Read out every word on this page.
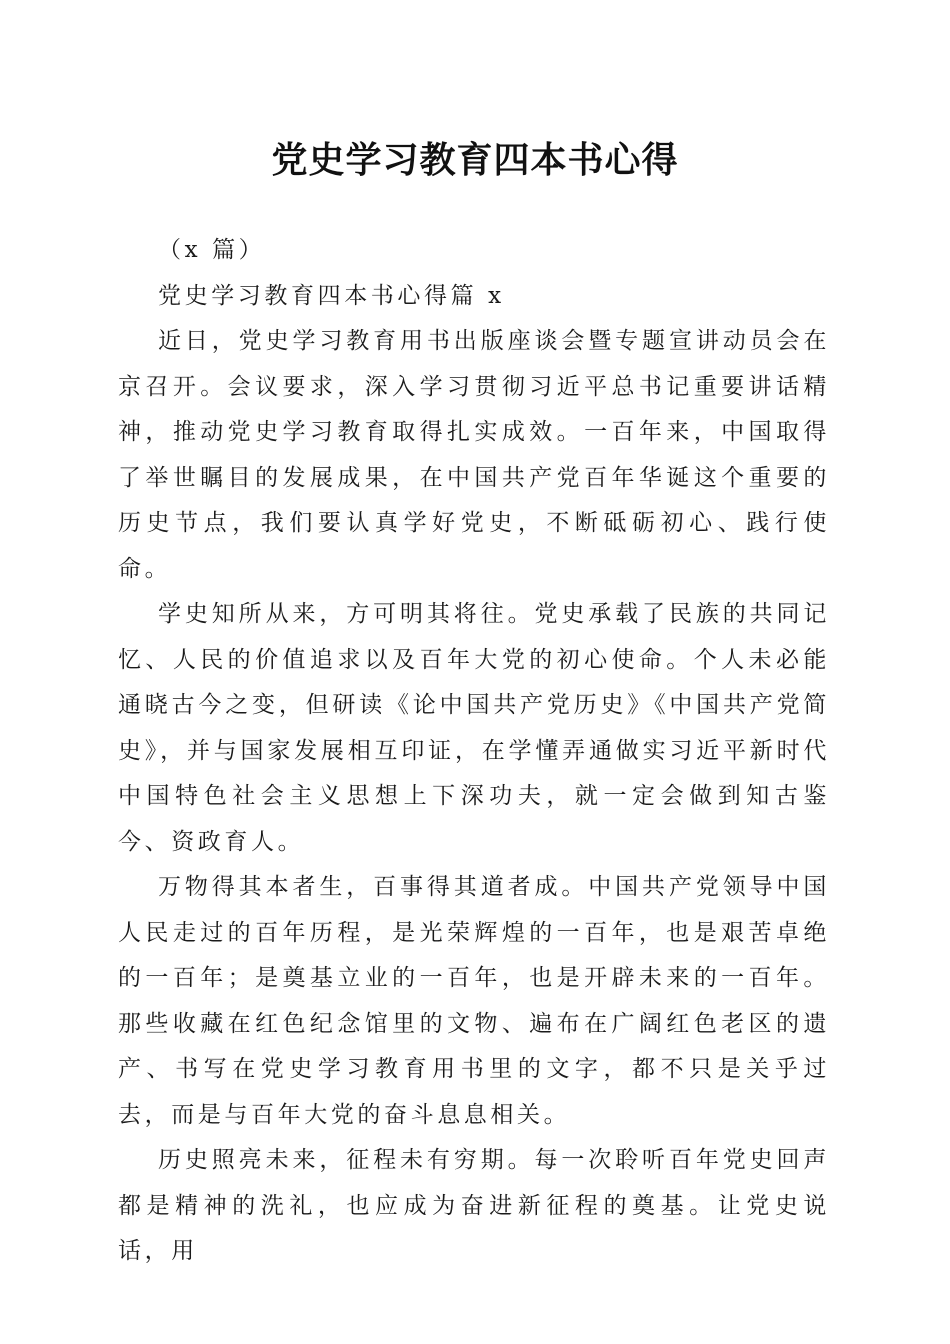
党史学习教育四本书心得

（x 篇）

党史学习教育四本书心得篇 x

近日，党史学习教育用书出版座谈会暨专题宣讲动员会在京召开。会议要求，深入学习贯彻习近平总书记重要讲话精神，推动党史学习教育取得扎实成效。一百年来，中国取得了举世瞩目的发展成果，在中国共产党百年华诞这个重要的历史节点，我们要认真学好党史，不断砥砺初心、践行使命。

学史知所从来，方可明其将往。党史承载了民族的共同记忆、人民的价值追求以及百年大党的初心使命。个人未必能通晓古今之变，但研读《论中国共产党历史》《中国共产党简史》，并与国家发展相互印证，在学懂弄通做实习近平新时代中国特色社会主义思想上下深功夫，就一定会做到知古鉴今、资政育人。

万物得其本者生，百事得其道者成。中国共产党领导中国人民走过的百年历程，是光荣辉煌的一百年，也是艰苦卓绝的一百年；是奠基立业的一百年，也是开辟未来的一百年。那些收藏在红色纪念馆里的文物、遍布在广阔红色老区的遗产、书写在党史学习教育用书里的文字，都不只是关乎过去，而是与百年大党的奋斗息息相关。

历史照亮未来，征程未有穷期。每一次聆听百年党史回声都是精神的洗礼，也应成为奋进新征程的奠基。让党史说话，用
